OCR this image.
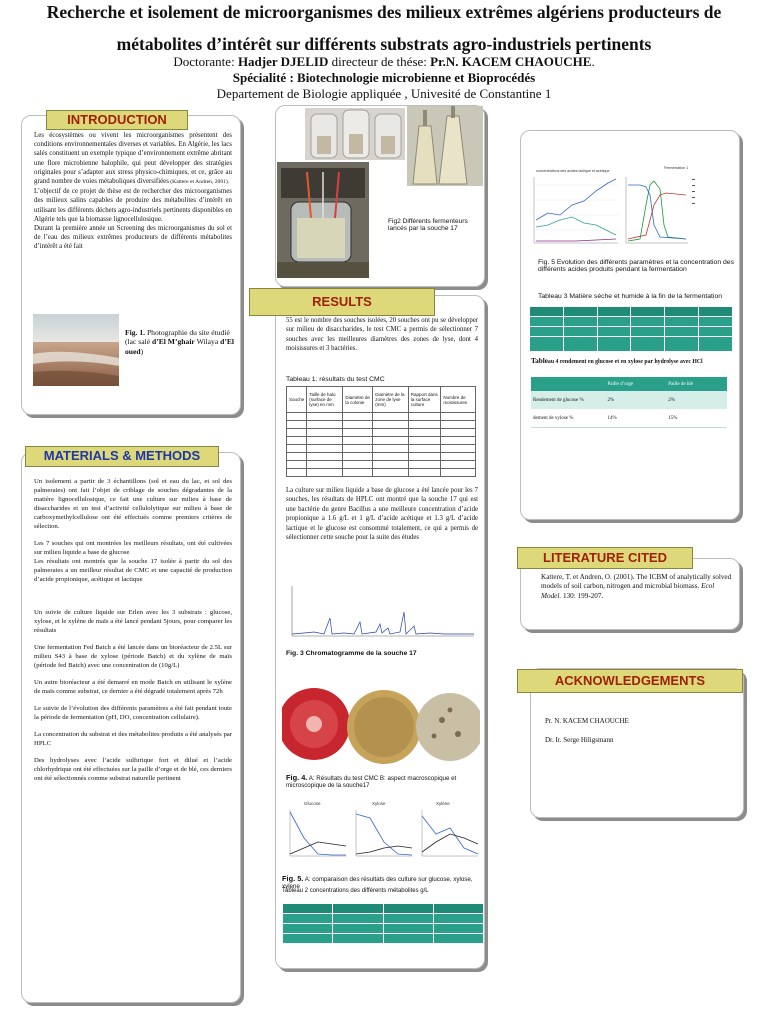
Recherche et isolement de microorganismes des milieux extrêmes algériens producteurs de
métabolites d’intérêt sur différents substrats agro-industriels pertinents
Doctorante: Hadjer DJELID directeur de thése: Pr.N. KACEM CHAOUCHE.
Spécialité : Biotechnologie microbienne et Bioprocédés
Departement de Biologie appliquée , Univesité de Constantine 1
INTRODUCTION
Les écosystèmes ou vivent les microorganismes présentent des conditions environnementales diverses et variables. En Algérie, les lacs salés constituent un exemple typique d’environnement extrême abritant une flore microbienne halophile, qui peut développer des stratégies originales pour s’adapter aux stress physico-chimiques, et ce, grâce au grand nombre de voies métaboliques diversifiées (Kattere et Andren, 2001).
L’objectif de ce projet de thèse est de rechercher des microorganismes des milieux salins capables de produire des métabolites d’intérêt en utilisant les différents déchets agro-industriels pertinents disponibles en Algérie tels que la biomasse lignocellulosique.
Durant la première année un Screening des microorganismes du sol et de l’eau des milieux extrêmes producteurs de différents métabolites d’intérêt a été fait
Fig. 1. Photographie du site étudié (lac salé d’El M’ghair Wilaya d’El oued)
MATERIALS & METHODS

Un isolement a partir de 3 échantillons (sol et eau du lac, et sol des palmeraies) ont fait l’objet de criblage de souches dégradantes de la matière lignocellulosique, ce fait une culture sur milieu à base de disaccharides et un test d’activité cellulolytique sur milieu à base de carboxymethylcellulose ont été effectués comme premiers critères de sélection.

Les 7 souches qui ont montrées les meilleurs résultats, ont été cultivées sur milieu liquide a base de glucose
Les résultats ont montrés que la souche 17 isolée à partir du sol des palmeraies a un meilleur résultat de CMC et une capacité de production d’acide propionique, acétique et lactique

Un suivie de culture liquide sur Erlen avec les 3 substrats : glucose, xylose, et le xylène de maïs a été lancé pendant 5jours, pour comparer les résultats

Une fermentation Fed Batch a été lancée dans un bioréacteur de 2.5L sur milieu S43 à base de xylose (période Batch) et du xylène de maïs (période fed Batch) avec une concentration de (10g/L)

Un autre bioréacteur a été demarré en mode Batch en utilisant le xylène de maïs comme substrat, ce dernier a été dégradé totalement après 72h

Le suivie de l’évolution des différents paramètres a été fait pendant toute la période de fermentation (pH, DO, concentration cellulaire).

La concentration du substrat et des métabolites produits a été analysés par HPLC

Des hydrolyses avec l’acide sulfurique fort et dilué et l’acide chlorhydrique ont été effectuées sur la paille d’orge et de blé, ces derniers ont été sélectionnés comme substrat naturelle pertinent

Fig2 Différents fermenteurs lancés par la souche 17
RESULTS
55 est le nombre des souches isolées, 20 souches ont pu se développer sur milieu de disaccharides, le test CMC a permis de sélectionner 7 souches avec les meilleures diamètres des zones de lyse, dont 4 moisissures et 3 bactéries.
Tableau 1: résultats du test CMC
Souche	Taille de halo (surface de lyse) en mm	Diamètre de la colonie	Diamètre de la zone de lyse (mm)	Rapport dans la surface culture	Nombre de moisissures

La culture sur milieu liquide a base de glucose a été lancée pour les 7 souches, les résultats de HPLC ont montré que la souche 17 qui est une bactérie du genre Bacillus a une meilleure concentration d’acide propionique a 1.6 g/L et 1 g/L d’acide acétique et 1.3 g/L d’acide lactique et le glucose est consommé totalement, ce qui a permis de sélectionner cette souche pour la suite des études
Fig. 3 Chromatogramme de la souche 17
Fig. 4. A: Résultats du test CMC B: aspect macroscopique et microscopique de la souche17
Glucose	Xylose	Xylène
Fig. 5. A: comparaison des résultats des culture sur glucose, xylose, xylene
Tableau 2 concentrations des différents métabolites g/L

concentrations des acides lactique et acétique
Fermentation 1
Fig. 5 Evolution des différents paramètres et la concentration des différents acides produits pendant la fermentation
Tableau 3 Matière séche et humide à la fin de la fermentation

Tableau 4 rendement en glucose et en xylose par hydrolyse avec HCl
	Paille d’orge	Paille de blé
Rendement de glucose %	2%	2%
dement de xylose %	14%	15%
LITERATURE CITED
Kattere, T. et Andren, O. (2001). The ICBM of analytically solved models of soil carbon, nitrogen and microbial biomass. Ecol Model. 130: 199-207.
ACKNOWLEDGEMENTS
Pr. N. KACEM CHAOUCHE
Dr. Ir. Serge Hiligsmann
